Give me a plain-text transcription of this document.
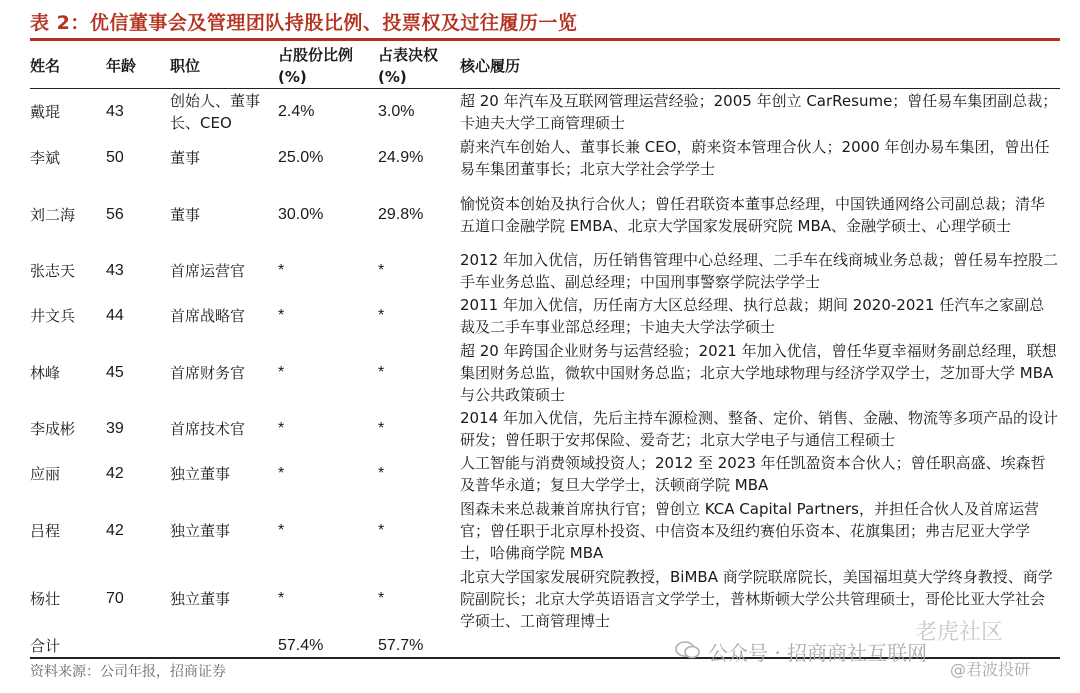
表 2：优信董事会及管理团队持股比例、投票权及过往履历一览
姓名	年龄	职位	占股份比例 (%)	占表决权 (%)	核心履历
戴琨	43	创始人、董事长、CEO	2.4%	3.0%	超 20 年汽车及互联网管理运营经验；2005 年创立 CarResume；曾任易车集团副总裁；卡迪夫大学工商管理硕士
李斌	50	董事	25.0%	24.9%	蔚来汽车创始人、董事长兼 CEO，蔚来资本管理合伙人；2000 年创办易车集团，曾出任易车集团董事长；北京大学社会学学士
刘二海	56	董事	30.0%	29.8%	愉悦资本创始及执行合伙人；曾任君联资本董事总经理，中国铁通网络公司副总裁；清华五道口金融学院 EMBA、北京大学国家发展研究院 MBA、金融学硕士、心理学硕士
张志天	43	首席运营官	*	*	2012 年加入优信，历任销售管理中心总经理、二手车在线商城业务总裁；曾任易车控股二手车业务总监、副总经理；中国刑事警察学院法学学士
井文兵	44	首席战略官	*	*	2011 年加入优信，历任南方大区总经理、执行总裁；期间 2020-2021 任汽车之家副总裁及二手车事业部总经理；卡迪夫大学法学硕士
林峰	45	首席财务官	*	*	超 20 年跨国企业财务与运营经验；2021 年加入优信，曾任华夏幸福财务副总经理，联想集团财务总监，微软中国财务总监；北京大学地球物理与经济学双学士，芝加哥大学 MBA 与公共政策硕士
李成彬	39	首席技术官	*	*	2014 年加入优信，先后主持车源检测、整备、定价、销售、金融、物流等多项产品的设计研发；曾任职于安邦保险、爱奇艺；北京大学电子与通信工程硕士
应丽	42	独立董事	*	*	人工智能与消费领域投资人；2012 至 2023 年任凯盈资本合伙人；曾任职高盛、埃森哲及普华永道；复旦大学学士，沃顿商学院 MBA
吕程	42	独立董事	*	*	图森未来总裁兼首席执行官；曾创立 KCA Capital Partners，并担任合伙人及首席运营官；曾任职于北京厚朴投资、中信资本及纽约赛伯乐资本、花旗集团；弗吉尼亚大学学士，哈佛商学院 MBA
杨壮	70	独立董事	*	*	北京大学国家发展研究院教授，BiMBA 商学院联席院长，美国福坦莫大学终身教授、商学院副院长；北京大学英语语言文学学士，普林斯顿大学公共管理硕士，哥伦比亚大学社会学硕士、工商管理博士
合计			57.4%	57.7%	
资料来源：公司年报，招商证券
公众号 · 招商商社互联网
老虎社区
@君波投研
